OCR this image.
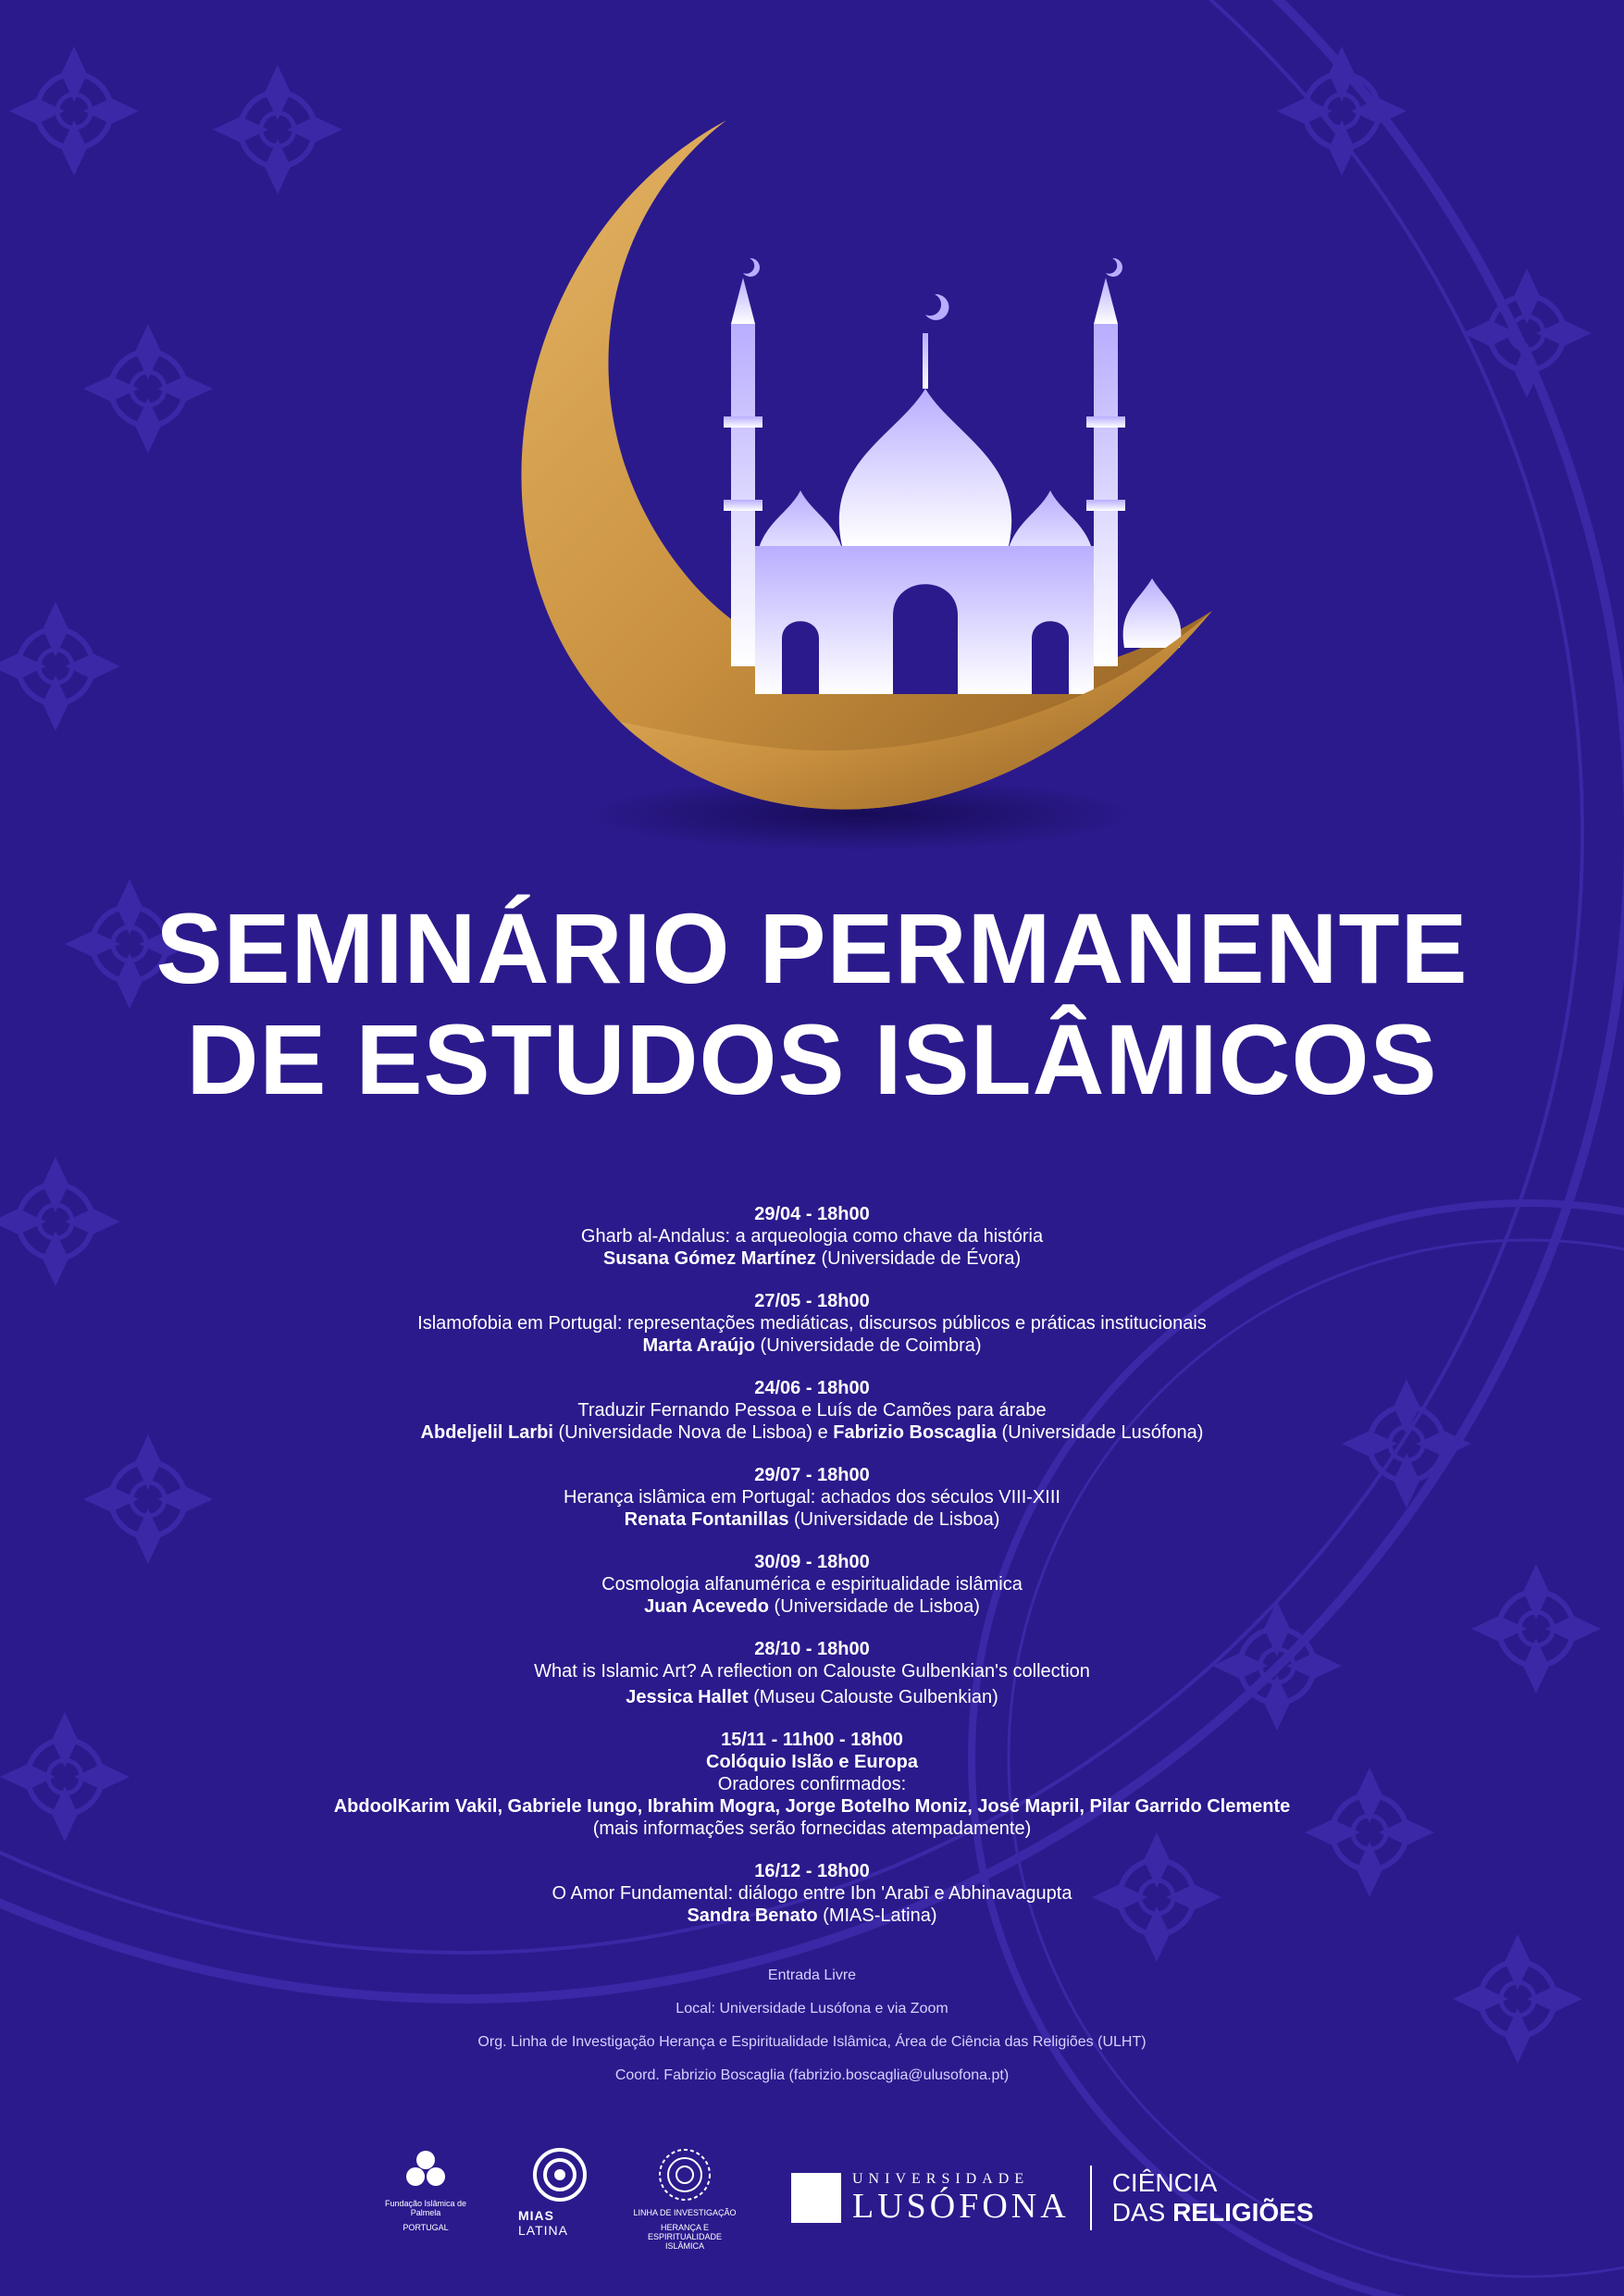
SEMINÁRIO PERMANENTE
DE ESTUDOS ISLÂMICOS
29/04 - 18h00
Gharb al-Andalus: a arqueologia como chave da história
Susana Gómez Martínez (Universidade de Évora)
27/05 - 18h00
Islamofobia em Portugal: representações mediáticas, discursos públicos e práticas institucionais
Marta Araújo (Universidade de Coimbra)
24/06 - 18h00
Traduzir Fernando Pessoa e Luís de Camões para árabe
Abdeljelil Larbi (Universidade Nova de Lisboa) e Fabrizio Boscaglia (Universidade Lusófona)
29/07 - 18h00
Herança islâmica em Portugal: achados dos séculos VIII-XIII
Renata Fontanillas (Universidade de Lisboa)
30/09 - 18h00
Cosmologia alfanumérica e espiritualidade islâmica
Juan Acevedo (Universidade de Lisboa)
28/10 - 18h00
What is Islamic Art? A reflection on Calouste Gulbenkian's collection
Jessica Hallet (Museu Calouste Gulbenkian)
15/11 - 11h00 - 18h00
Colóquio Islão e Europa
Oradores confirmados:
AbdoolKarim Vakil, Gabriele Iungo, Ibrahim Mogra, Jorge Botelho Moniz, José Mapril, Pilar Garrido Clemente
(mais informações serão fornecidas atempadamente)
16/12 - 18h00
O Amor Fundamental: diálogo entre Ibn 'Arabī e Abhinavagupta
Sandra Benato (MIAS-Latina)
Entrada Livre
Local: Universidade Lusófona e via Zoom
Org. Linha de Investigação Herança e Espiritualidade Islâmica, Área de Ciência das Religiões (ULHT)
Coord. Fabrizio Boscaglia (fabrizio.boscaglia@ulusofona.pt)
Fundação Islâmica de Palmela
PORTUGAL
MIAS LATINA
LINHA DE INVESTIGAÇÃO
HERANÇA E ESPIRITUALIDADE ISLÂMICA
UNIVERSIDADE
LUSÓFONA
CIÊNCIA
DAS RELIGIÕES
